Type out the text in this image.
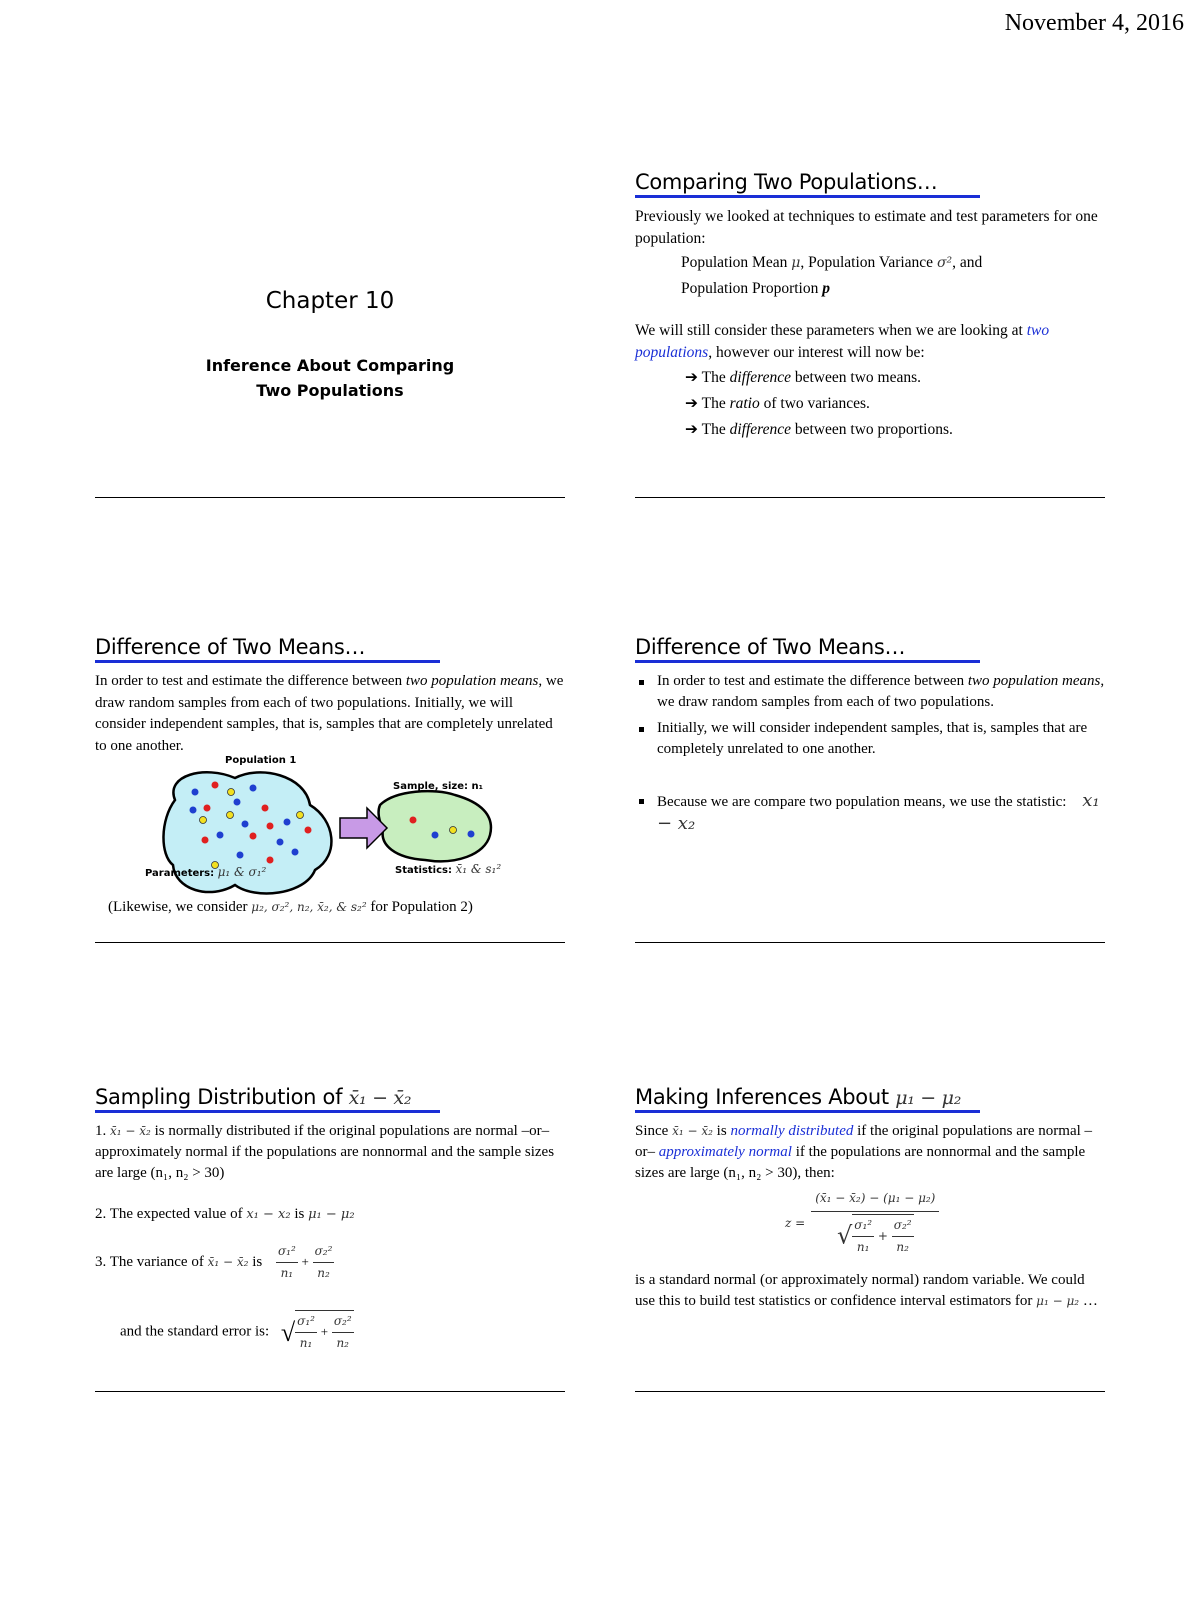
November 4, 2016
Chapter 10
Inference About Comparing
Two Populations
Comparing Two Populations…

Previously we looked at techniques to estimate and test parameters for one population:

Population Mean μ, Population Variance σ², and

Population Proportion p

We will still consider these parameters when we are looking at two populations, however our interest will now be:

➔ The difference between two means.

➔ The ratio of two variances.

➔ The difference between two proportions.

Difference of Two Means…

In order to test and estimate the difference between two population means, we draw random samples from each of two populations. Initially, we will consider independent samples, that is, samples that are completely unrelated to one another.

Population 1
Sample, size: n₁
Parameters: μ₁ & σ₁²	Statistics: x̄₁ & s₁²
(Likewise, we consider μ₂, σ₂², n₂, x̄₂, & s₂² for Population 2)
Difference of Two Means…
In order to test and estimate the difference between two population means, we draw random samples from each of two populations.
Initially, we will consider independent samples, that is, samples that are completely unrelated to one another.
Because we are compare two population means, we use the statistic: x₁ − x₂
Sampling Distribution of x̄₁ − x̄₂

1. x̄₁ − x̄₂ is normally distributed if the original populations are normal –or– approximately normal if the populations are nonnormal and the sample sizes are large (n₁, n₂ > 30)

2. The expected value of x₁ − x₂ is μ₁ − μ₂

3. The variance of x̄₁ − x̄₂ is $\frac{\text{σ₁²}}{\text{n₁}} + \frac{\text{σ₂²}}{\text{n₂}}$

and the standard error is: √ $\frac{\text{σ₁²}}{\text{n₁}} + \frac{\text{σ₂²}}{\text{n₂}}$

Making Inferences About μ₁ − μ₂

Since x̄₁ − x̄₂ is normally distributed if the original populations are normal –or– approximately normal if the populations are nonnormal and the sample sizes are large (n₁, n₂ > 30), then:

$z = \frac{\text{(x̄₁ − x̄₂) − (μ₁ − μ₂)}}{√ \frac{\text{σ₁²}}{\text{n₁}} + \frac{\text{σ₂²}}{\text{n₂}}}$

is a standard normal (or approximately normal) random variable. We could use this to build test statistics or confidence interval estimators for μ₁ − μ₂ …
